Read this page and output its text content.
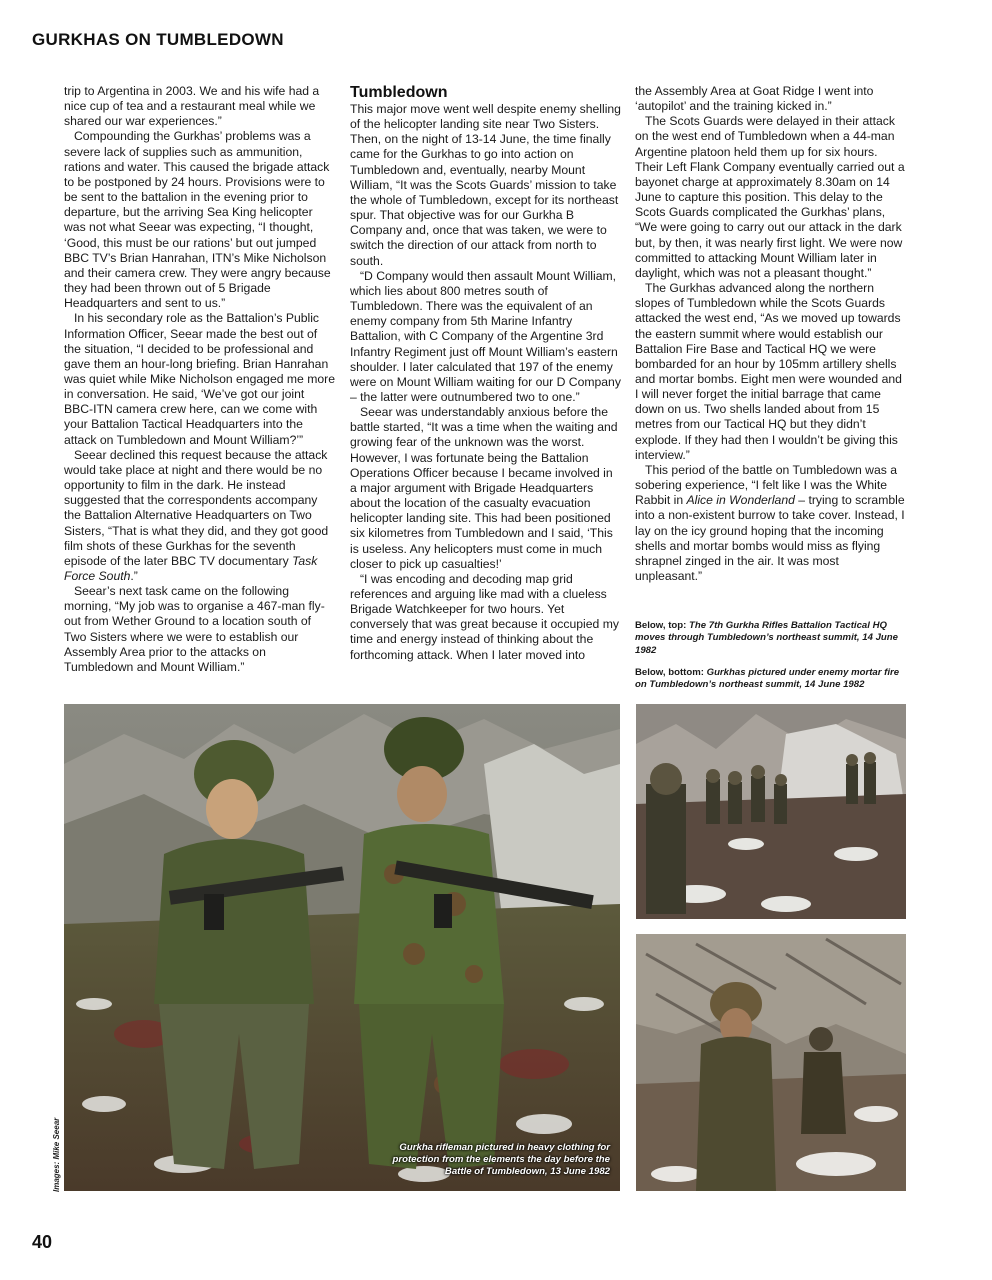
GURKHAS ON TUMBLEDOWN

trip to Argentina in 2003. We and his wife had a nice cup of tea and a restaurant meal while we shared our war experiences.”

Compounding the Gurkhas’ problems was a severe lack of supplies such as ammunition, rations and water. This caused the brigade attack to be postponed by 24 hours. Provisions were to be sent to the battalion in the evening prior to departure, but the arriving Sea King helicopter was not what Seear was expecting, “I thought, ‘Good, this must be our rations’ but out jumped BBC TV’s Brian Hanrahan, ITN’s Mike Nicholson and their camera crew. They were angry because they had been thrown out of 5 Brigade Headquarters and sent to us.”

In his secondary role as the Battalion’s Public Information Officer, Seear made the best out of the situation, “I decided to be professional and gave them an hour-long briefing. Brian Hanrahan was quiet while Mike Nicholson engaged me more in conversation. He said, ‘We’ve got our joint BBC-ITN camera crew here, can we come with your Battalion Tactical Headquarters into the attack on Tumbledown and Mount William?’”

Seear declined this request because the attack would take place at night and there would be no opportunity to film in the dark. He instead suggested that the correspondents accompany the Battalion Alternative Headquarters on Two Sisters, “That is what they did, and they got good film shots of these Gurkhas for the seventh episode of the later BBC TV documentary Task Force South.”

Seear’s next task came on the following morning, “My job was to organise a 467-man fly-out from Wether Ground to a location south of Two Sisters where we were to establish our Assembly Area prior to the attacks on Tumbledown and Mount William.”

Tumbledown

This major move went well despite enemy shelling of the helicopter landing site near Two Sisters. Then, on the night of 13-14 June, the time finally came for the Gurkhas to go into action on Tumbledown and, eventually, nearby Mount William, “It was the Scots Guards’ mission to take the whole of Tumbledown, except for its northeast spur. That objective was for our Gurkha B Company and, once that was taken, we were to switch the direction of our attack from north to south.

“D Company would then assault Mount William, which lies about 800 metres south of Tumbledown. There was the equivalent of an enemy company from 5th Marine Infantry Battalion, with C Company of the Argentine 3rd Infantry Regiment just off Mount William’s eastern shoulder. I later calculated that 197 of the enemy were on Mount William waiting for our D Company – the latter were outnumbered two to one.”

Seear was understandably anxious before the battle started, “It was a time when the waiting and growing fear of the unknown was the worst. However, I was fortunate being the Battalion Operations Officer because I became involved in a major argument with Brigade Headquarters about the location of the casualty evacuation helicopter landing site. This had been positioned six kilometres from Tumbledown and I said, ‘This is useless. Any helicopters must come in much closer to pick up casualties!’

“I was encoding and decoding map grid references and arguing like mad with a clueless Brigade Watchkeeper for two hours. Yet conversely that was great because it occupied my time and energy instead of thinking about the forthcoming attack. When I later moved into

the Assembly Area at Goat Ridge I went into ‘autopilot’ and the training kicked in.”

The Scots Guards were delayed in their attack on the west end of Tumbledown when a 44-man Argentine platoon held them up for six hours. Their Left Flank Company eventually carried out a bayonet charge at approximately 8.30am on 14 June to capture this position. This delay to the Scots Guards complicated the Gurkhas’ plans, “We were going to carry out our attack in the dark but, by then, it was nearly first light. We were now committed to attacking Mount William later in daylight, which was not a pleasant thought.”

The Gurkhas advanced along the northern slopes of Tumbledown while the Scots Guards attacked the west end, “As we moved up towards the eastern summit where would establish our Battalion Fire Base and Tactical HQ we were bombarded for an hour by 105mm artillery shells and mortar bombs. Eight men were wounded and I will never forget the initial barrage that came down on us. Two shells landed about from 15 metres from our Tactical HQ but they didn’t explode. If they had then I wouldn’t be giving this interview.”

This period of the battle on Tumbledown was a sobering experience, “I felt like I was the White Rabbit in Alice in Wonderland – trying to scramble into a non-existent burrow to take cover. Instead, I lay on the icy ground hoping that the incoming shells and mortar bombs would miss as flying shrapnel zinged in the air. It was most unpleasant.”

Below, top: The 7th Gurkha Rifles Battalion Tactical HQ moves through Tumbledown’s northeast summit, 14 June 1982
Below, bottom: Gurkhas pictured under enemy mortar fire on Tumbledown’s northeast summit, 14 June 1982
Gurkha rifleman pictured in heavy clothing for protection from the elements the day before the Battle of Tumbledown, 13 June 1982
Images: Mike Seear
40
